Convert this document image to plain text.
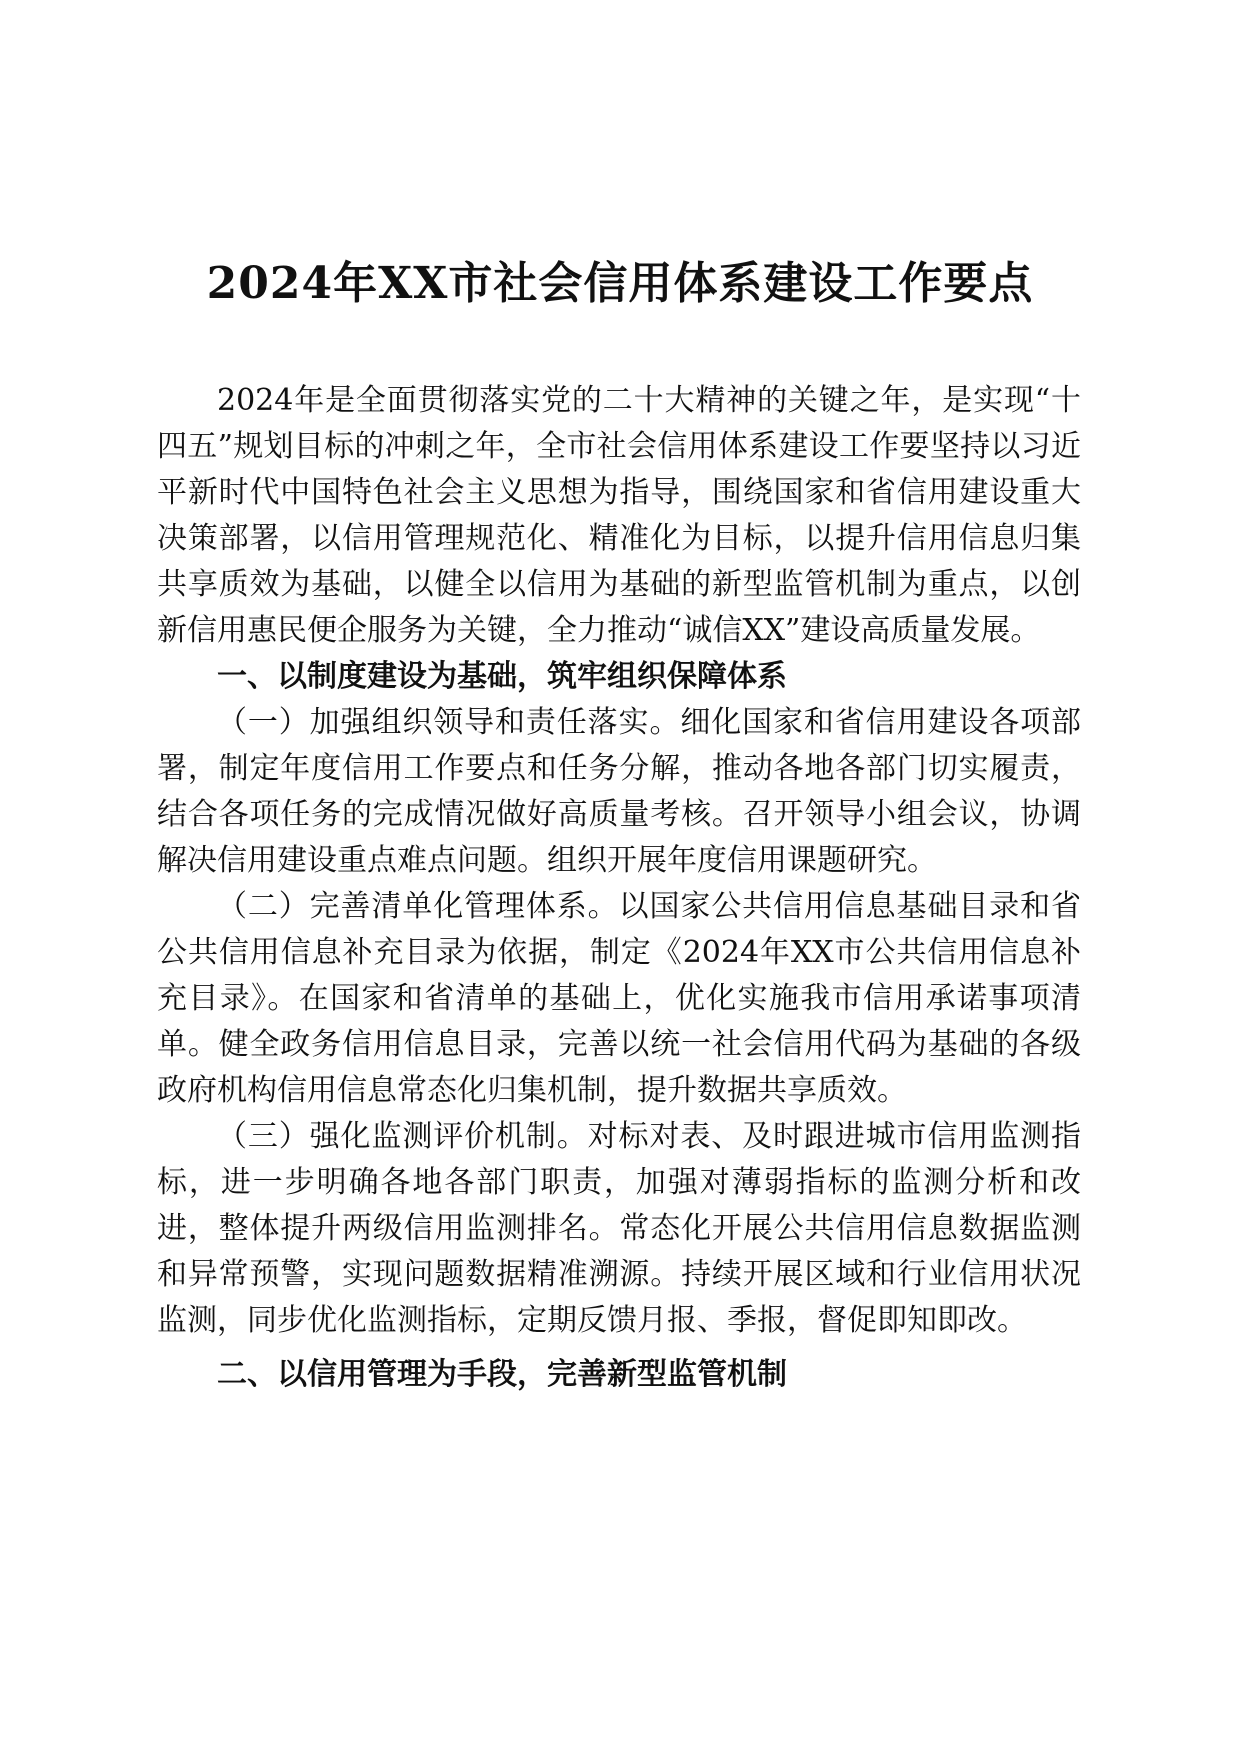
2024年XX市社会信用体系建设工作要点

2024年是全面贯彻落实党的二十大精神的关键之年，是实现“十四五”规划目标的冲刺之年，全市社会信用体系建设工作要坚持以习近平新时代中国特色社会主义思想为指导，围绕国家和省信用建设重大决策部署，以信用管理规范化、精准化为目标，以提升信用信息归集共享质效为基础，以健全以信用为基础的新型监管机制为重点，以创新信用惠民便企服务为关键，全力推动“诚信XX”建设高质量发展。

一、以制度建设为基础，筑牢组织保障体系

（一）加强组织领导和责任落实。细化国家和省信用建设各项部署，制定年度信用工作要点和任务分解，推动各地各部门切实履责，结合各项任务的完成情况做好高质量考核。召开领导小组会议，协调解决信用建设重点难点问题。组织开展年度信用课题研究。

（二）完善清单化管理体系。以国家公共信用信息基础目录和省公共信用信息补充目录为依据，制定《2024年XX市公共信用信息补充目录》。在国家和省清单的基础上，优化实施我市信用承诺事项清单。健全政务信用信息目录，完善以统一社会信用代码为基础的各级政府机构信用信息常态化归集机制，提升数据共享质效。

（三）强化监测评价机制。对标对表、及时跟进城市信用监测指标，进一步明确各地各部门职责，加强对薄弱指标的监测分析和改进，整体提升两级信用监测排名。常态化开展公共信用信息数据监测和异常预警，实现问题数据精准溯源。持续开展区域和行业信用状况监测，同步优化监测指标，定期反馈月报、季报，督促即知即改。

二、以信用管理为手段，完善新型监管机制
